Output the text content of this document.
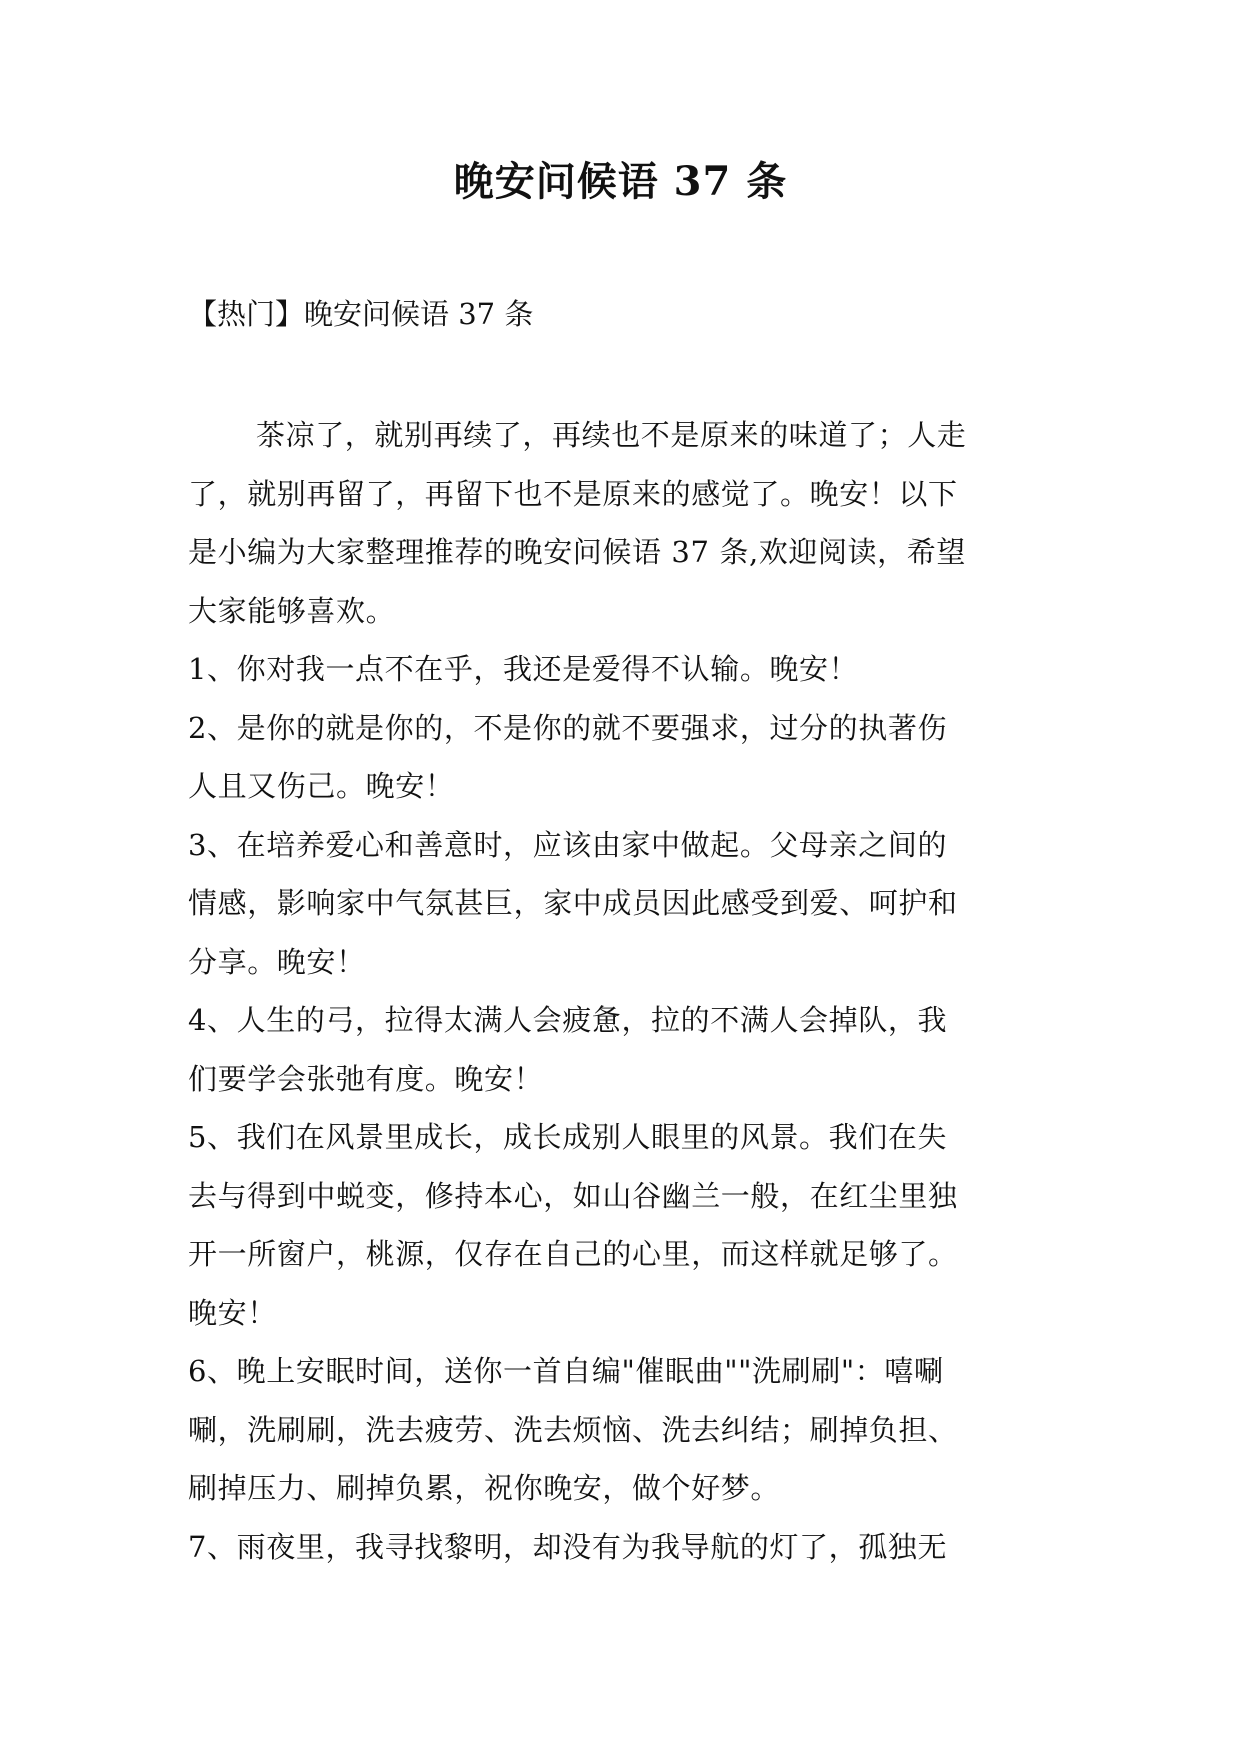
晚安问候语 37 条
【热门】晚安问候语 37 条
茶凉了，就别再续了，再续也不是原来的味道了；人走
了，就别再留了，再留下也不是原来的感觉了。晚安！以下
是小编为大家整理推荐的晚安问候语 37 条,欢迎阅读，希望
大家能够喜欢。
1、你对我一点不在乎，我还是爱得不认输。晚安！
2、是你的就是你的，不是你的就不要强求，过分的执著伤
人且又伤己。晚安！
3、在培养爱心和善意时，应该由家中做起。父母亲之间的
情感，影响家中气氛甚巨，家中成员因此感受到爱、呵护和
分享。晚安！
4、人生的弓，拉得太满人会疲惫，拉的不满人会掉队，我
们要学会张弛有度。晚安！
5、我们在风景里成长，成长成别人眼里的风景。我们在失
去与得到中蜕变，修持本心，如山谷幽兰一般，在红尘里独
开一所窗户，桃源，仅存在自己的心里，而这样就足够了。
晚安！
6、晚上安眠时间，送你一首自编"催眠曲""洗刷刷"：嘻唰
唰，洗刷刷，洗去疲劳、洗去烦恼、洗去纠结；刷掉负担、
刷掉压力、刷掉负累，祝你晚安，做个好梦。
7、雨夜里，我寻找黎明，却没有为我导航的灯了，孤独无
